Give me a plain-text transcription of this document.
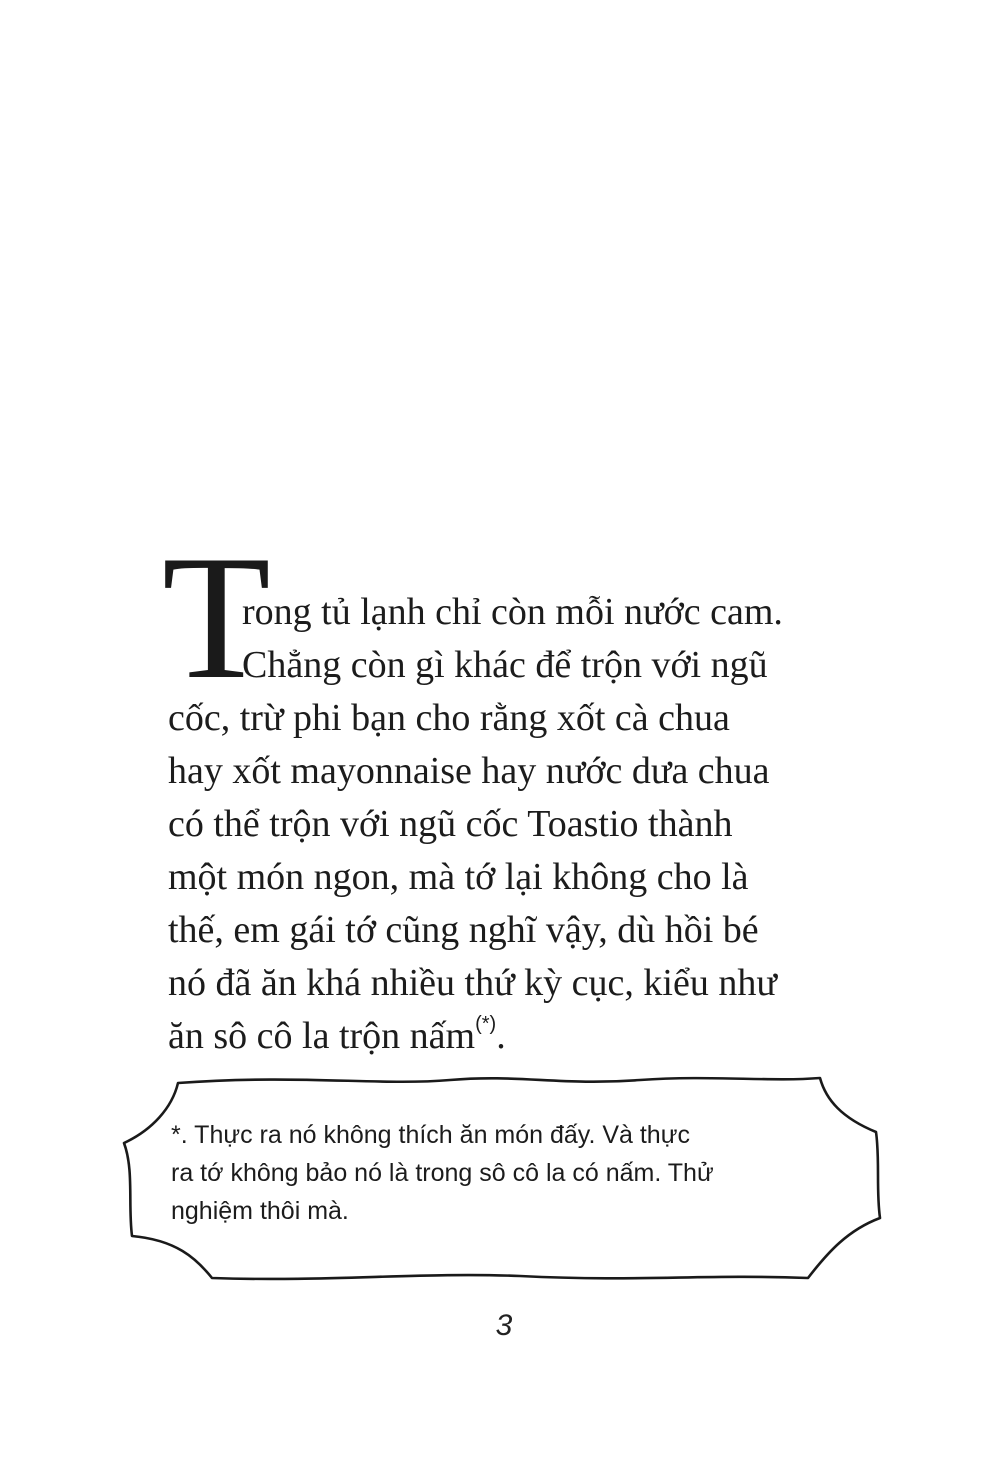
T
rong tủ lạnh chỉ còn mỗi nước cam.
Chẳng còn gì khác để trộn với ngũ
cốc, trừ phi bạn cho rằng xốt cà chua
hay xốt mayonnaise hay nước dưa chua
có thể trộn với ngũ cốc Toastio thành
một món ngon, mà tớ lại không cho là
thế, em gái tớ cũng nghĩ vậy, dù hồi bé
nó đã ăn khá nhiều thứ kỳ cục, kiểu như
ăn sô cô la trộn nấm(*).
*. Thực ra nó không thích ăn món đấy. Và thực
ra tớ không bảo nó là trong sô cô la có nấm. Thử
nghiệm thôi mà.
3
